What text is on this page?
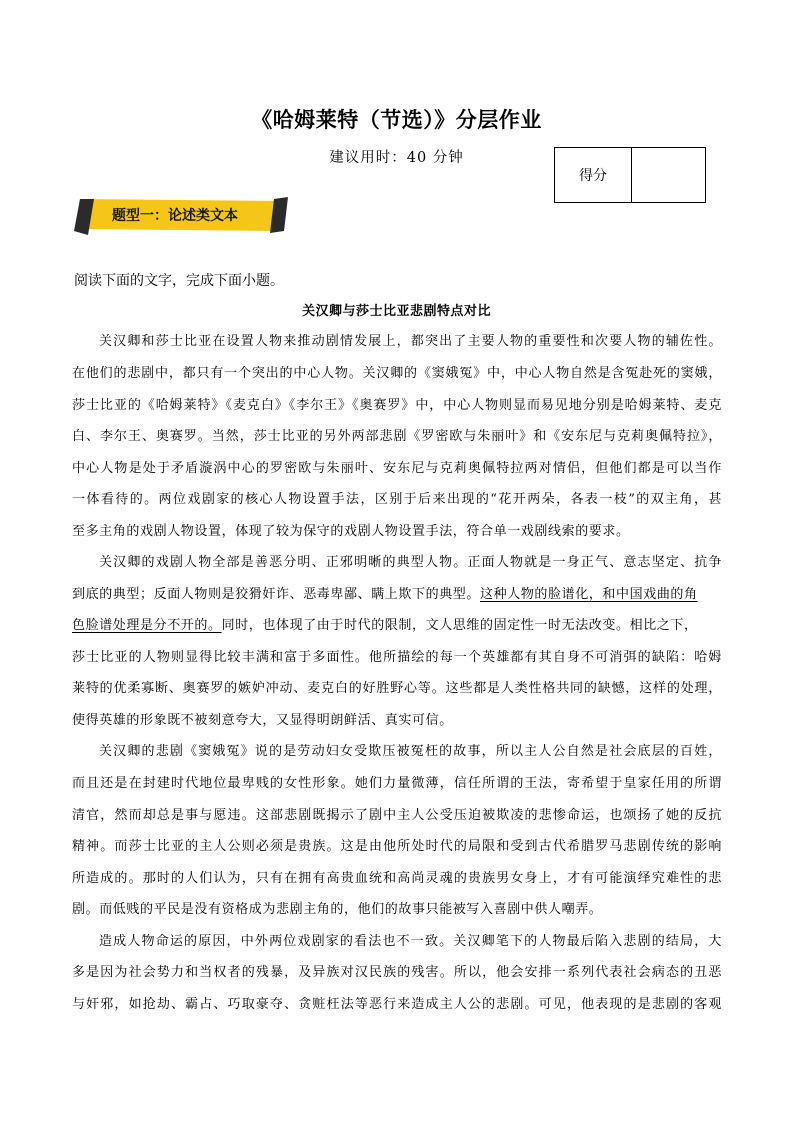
《哈姆莱特（节选）》分层作业
建议用时：40 分钟
得分
题型一：论述类文本
阅读下面的文字，完成下面小题。
关汉卿与莎士比亚悲剧特点对比
关汉卿和莎士比亚在设置人物来推动剧情发展上，都突出了主要人物的重要性和次要人物的辅佐性。
在他们的悲剧中，都只有一个突出的中心人物。关汉卿的《窦娥冤》中，中心人物自然是含冤赴死的窦娥，
莎士比亚的《哈姆莱特》《麦克白》《李尔王》《奥赛罗》中，中心人物则显而易见地分别是哈姆莱特、麦克
白、李尔王、奥赛罗。当然，莎士比亚的另外两部悲剧《罗密欧与朱丽叶》和《安东尼与克莉奥佩特拉》，
中心人物是处于矛盾漩涡中心的罗密欧与朱丽叶、安东尼与克莉奥佩特拉两对情侣，但他们都是可以当作
一体看待的。两位戏剧家的核心人物设置手法，区别于后来出现的“花开两朵，各表一枝”的双主角，甚
至多主角的戏剧人物设置，体现了较为保守的戏剧人物设置手法，符合单一戏剧线索的要求。
关汉卿的戏剧人物全部是善恶分明、正邪明晰的典型人物。正面人物就是一身正气、意志坚定、抗争
到底的典型；反面人物则是狡猾奸诈、恶毒卑鄙、瞒上欺下的典型。这种人物的脸谱化，和中国戏曲的角
色脸谱处理是分不开的。同时，也体现了由于时代的限制，文人思维的固定性一时无法改变。相比之下，
莎士比亚的人物则显得比较丰满和富于多面性。他所描绘的每一个英雄都有其自身不可消弭的缺陷：哈姆
莱特的优柔寡断、奥赛罗的嫉妒冲动、麦克白的好胜野心等。这些都是人类性格共同的缺憾，这样的处理，
使得英雄的形象既不被刻意夸大，又显得明朗鲜活、真实可信。
关汉卿的悲剧《窦娥冤》说的是劳动妇女受欺压被冤枉的故事，所以主人公自然是社会底层的百姓，
而且还是在封建时代地位最卑贱的女性形象。她们力量微薄，信任所谓的王法，寄希望于皇家任用的所谓
清官，然而却总是事与愿违。这部悲剧既揭示了剧中主人公受压迫被欺凌的悲惨命运，也颂扬了她的反抗
精神。而莎士比亚的主人公则必须是贵族。这是由他所处时代的局限和受到古代希腊罗马悲剧传统的影响
所造成的。那时的人们认为，只有在拥有高贵血统和高尚灵魂的贵族男女身上，才有可能演绎究难性的悲
剧。而低贱的平民是没有资格成为悲剧主角的，他们的故事只能被写入喜剧中供人嘲弄。
造成人物命运的原因，中外两位戏剧家的看法也不一致。关汉卿笔下的人物最后陷入悲剧的结局，大
多是因为社会势力和当权者的残暴，及异族对汉民族的残害。所以，他会安排一系列代表社会病态的丑恶
与奸邪，如抢劫、霸占、巧取豪夺、贪赃枉法等恶行来造成主人公的悲剧。可见，他表现的是悲剧的客观
